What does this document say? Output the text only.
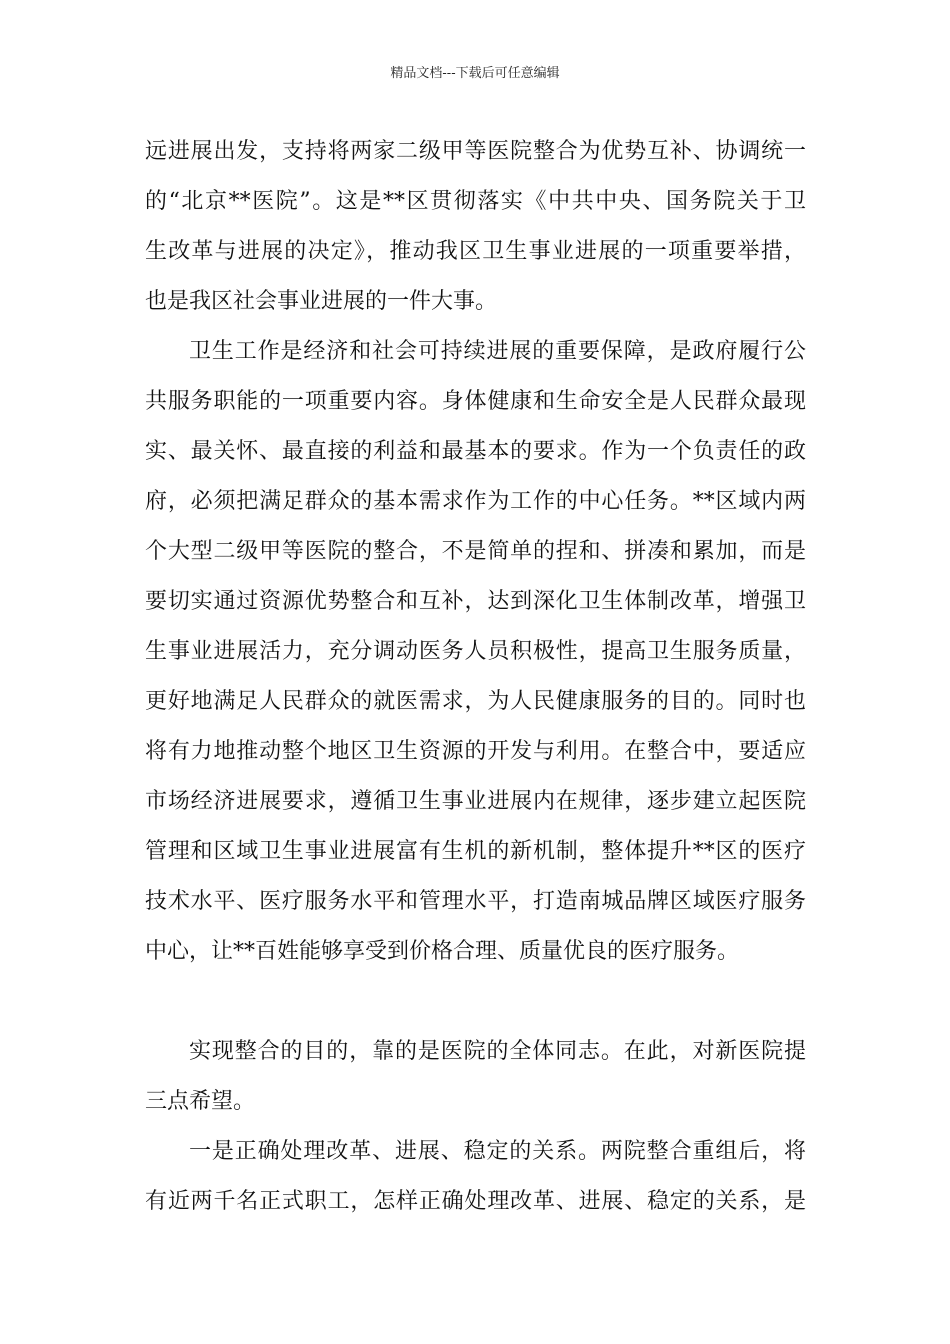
精品文档---下载后可任意编辑
远进展出发，支持将两家二级甲等医院整合为优势互补、协调统一
的“北京**医院”。这是**区贯彻落实《中共中央、国务院关于卫
生改革与进展的决定》，推动我区卫生事业进展的一项重要举措，
也是我区社会事业进展的一件大事。
卫生工作是经济和社会可持续进展的重要保障，是政府履行公
共服务职能的一项重要内容。身体健康和生命安全是人民群众最现
实、最关怀、最直接的利益和最基本的要求。作为一个负责任的政
府，必须把满足群众的基本需求作为工作的中心任务。**区域内两
个大型二级甲等医院的整合，不是简单的捏和、拼凑和累加，而是
要切实通过资源优势整合和互补，达到深化卫生体制改革，增强卫
生事业进展活力，充分调动医务人员积极性，提高卫生服务质量，
更好地满足人民群众的就医需求，为人民健康服务的目的。同时也
将有力地推动整个地区卫生资源的开发与利用。在整合中，要适应
市场经济进展要求，遵循卫生事业进展内在规律，逐步建立起医院
管理和区域卫生事业进展富有生机的新机制，整体提升**区的医疗
技术水平、医疗服务水平和管理水平，打造南城品牌区域医疗服务
中心，让**百姓能够享受到价格合理、质量优良的医疗服务。
实现整合的目的，靠的是医院的全体同志。在此，对新医院提
三点希望。
一是正确处理改革、进展、稳定的关系。两院整合重组后，将
有近两千名正式职工，怎样正确处理改革、进展、稳定的关系，是
